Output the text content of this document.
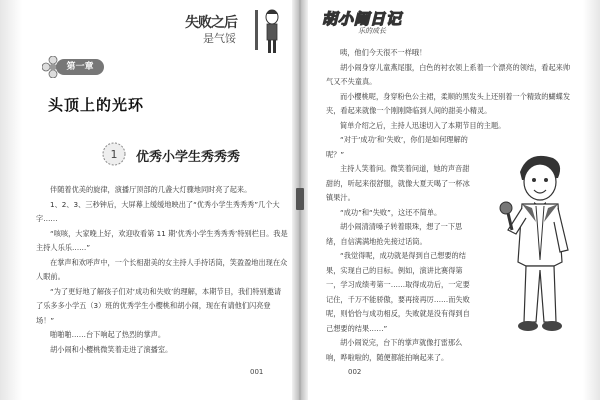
失败之后
是气馁
第一章
头顶上的光环
1 优秀小学生秀秀秀

伴随着优美的旋律，演播厅顶部的几盏大灯骤地同时亮了起来。

1、2、3、三秒钟后，大屏幕上缓缓地映出了“优秀小学生秀秀秀”几个大字……

“咳咳，大家晚上好，欢迎收看第 11 期‘优秀小学生秀秀秀’特别栏目。我是主持人乐乐……”

在掌声和欢呼声中，一个长相甜美的女主持人手持话筒，笑盈盈地出现在众人眼前。

“为了更好地了解孩子们对‘成功和失败’的理解，本期节目，我们特别邀请了乐多多小学五（3）班的优秀学生小樱桃和胡小闹，现在有请他们闪亮登场！”

啪啪啪……台下响起了热烈的掌声。

胡小闹和小樱桃微笑着走进了演播室。

001
胡小闹日记
乐的成长

咦，他们今天很不一样哦！

胡小闹身穿儿童燕尾服，白色的衬衣领上系着一个漂亮的领结，看起来帅气又不失童真。

而小樱桃呢，身穿粉色公主裙，柔顺的黑发头上还别着一个精致的蝴蝶发夹，看起来就像一个刚刚降临到人间的甜美小精灵。

简单介绍之后，主持人迅速切入了本期节目的主题。

“对于‘成功’和‘失败’，你们是如何理解的呢？”

主持人笑着问。微笑着问道，她的声音甜甜的，听起来很舒服，就像大夏天喝了一杯冰镇果汁。

“成功”和“失败”，这还不简单。

胡小闹清清嗓子转着眼珠，想了一下思绪，自信满满地抢先接过话筒。

“我觉得呢，成功就是得到自己想要的结果，实现自己的目标。例如，演讲比赛得第一，学习成绩考第一……取得成功后，一定要记住，千万不能骄傲，要再接再厉……而失败呢，则恰恰与成功相反，失败就是没有得到自己想要的结果……”

胡小闹说完，台下的掌声就像打雷那么响，哗啦啦的，随便都能拍响起来了。

002
